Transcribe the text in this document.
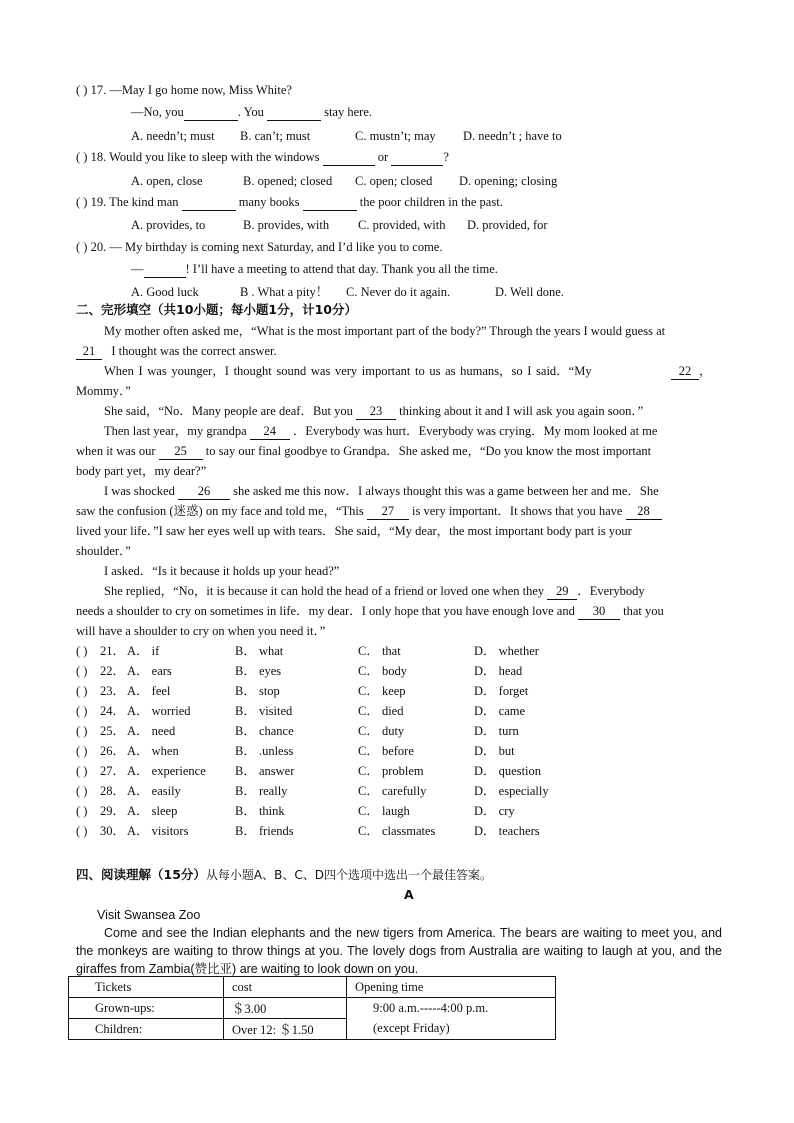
( ) 17. —May I go home now, Miss White?
—No, you	. You	stay here.
A. needn’t; must B. can’t; must	C. mustn’t; may D. needn’t ; have to
( ) 18. Would you like to sleep with the windows	or	?
A. open, close	B. opened; closed C. open; closed D. opening; closing
( ) 19. The kind man	many books	the poor children in the past.
A. provides, to	B. provides, with C. provided, with D. provided, for
( ) 20. — My birthday is coming next Saturday, and I’d like you to come.
—	! I’ll have a meeting to attend that day. Thank you all the time.
A. Good luck	B . What a pity！ C. Never do it again.	D. Well done.
二、完形填空（共10小题；每小题1分，计10分）
My mother often asked me，“What is the most important part of the body?” Through the years I would guess at
21 I thought was the correct answer.
When I was younger，I thought sound was very important to us as humans，so I said．“My	22 ，
Mommy．”
She said，“No．Many people are deaf．But you 23 thinking about it and I will ask you again soon．”
Then last year，my grandpa 24 ．Everybody was hurt．Everybody was crying．My mom looked at me
when it was our 25 to say our final goodbye to Grandpa．She asked me，“Do you know the most important
body part yet，my dear?”
I was shocked 26 she asked me this now．I always thought this was a game between her and me．She
saw the confusion (迷惑) on my face and told me，“This 27 is very important．It shows that you have 28
lived your life．”I saw her eyes well up with tears．She said，“My dear，the most important body part is your
shoulder．”
I asked．“Is it because it holds up your head?”
She replied，“No，it is because it can hold the head of a friend or loved one when they 29 ．Everybody
needs a shoulder to cry on sometimes in life．my dear．I only hope that you have enough love and 30 that you
will have a shoulder to cry on when you need it．”
( ) 21． A． if	B． what	C． that	D． whether
( ) 22． A． ears	B． eyes	C． body	D． head
( ) 23． A． feel	B． stop	C． keep	D． forget
( ) 24． A． worried	B． visited	C． died	D． came
( ) 25． A． need	B． chance	C． duty	D． turn
( ) 26． A． when	B． .unless	C． before	D． but
( ) 27． A． experience B． answer	C． problem	D． question
( ) 28． A． easily	B． really	C． carefully	D． especially
( ) 29． A． sleep	B． think	C． laugh	D． cry
( ) 30． A． visitors	B． friends	C． classmates	D． teachers
四、阅读理解（15分）从每小题A、B、C、D四个选项中选出一个最佳答案。
A
Visit Swansea Zoo
Come and see the Indian elephants and the new tigers from America. The bears are waiting to meet you, and the monkeys are waiting to throw things at you. The lovely dogs from Australia are waiting to laugh at you, and the giraffes from Zambia(赞比亚) are waiting to look down on you.
Tickets	cost	Opening time
Grown-ups:	＄3.00	9:00 a.m.-----4:00 p.m.
Children:	Over 12: ＄1.50	(except Friday)
